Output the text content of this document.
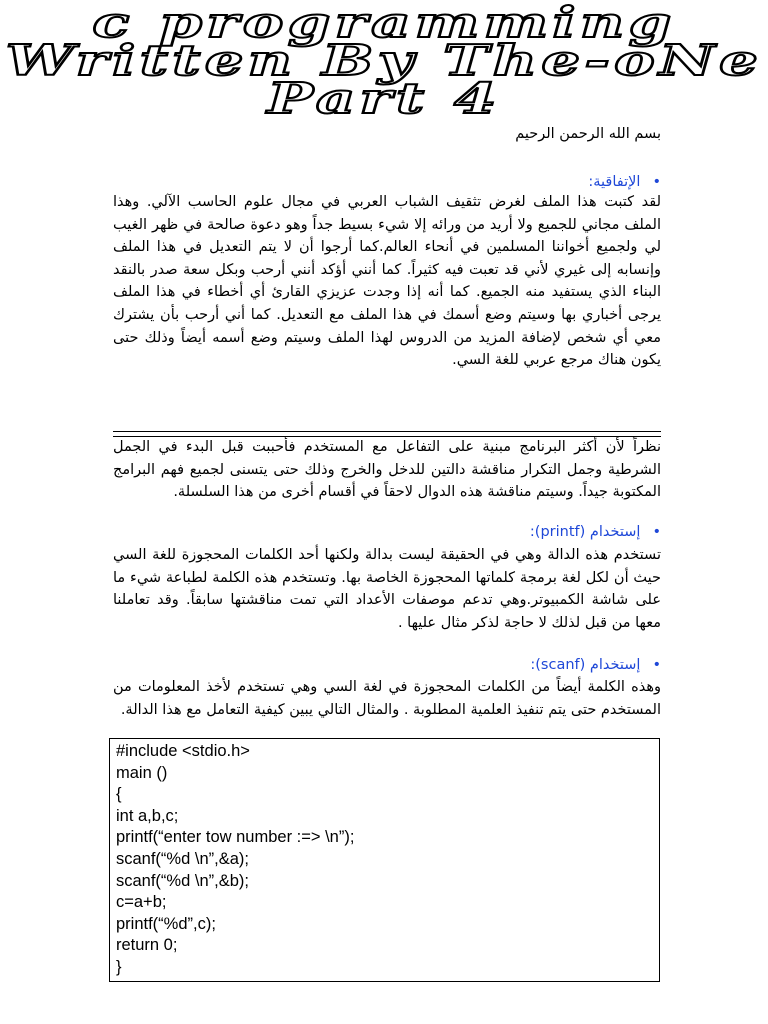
c programming
Written By The-oNe
Part 4
بسم الله الرحمن الرحيم
•الإتفاقية:
لقد كتبت هذا الملف لغرض تثقيف الشباب العربي في مجال علوم الحاسب الآلي. وهذا الملف مجاني للجميع ولا أريد من ورائه إلا شيء بسيط جداً وهو دعوة صالحة في ظهر الغيب لي ولجميع أخواننا المسلمين في أنحاء العالم.كما أرجوا أن لا يتم التعديل في هذا الملف وإنسابه إلى غيري لأني قد تعبت فيه كثيراً. كما أنني أؤكد أنني أرحب وبكل سعة صدر بالنقد البناء الذي يستفيد منه الجميع. كما أنه إذا وجدت عزيزي القارئ أي أخطاء في هذا الملف يرجى أخباري بها وسيتم وضع أسمك في هذا الملف مع التعديل. كما أني أرحب بأن يشترك معي أي شخص لإضافة المزيد من الدروس لهذا الملف وسيتم وضع أسمه أيضاً وذلك حتى يكون هناك مرجع عربي للغة السي.
نظراً لأن أكثر البرنامج مبنية على التفاعل مع المستخدم فأحببت قبل البدء في الجمل الشرطية وجمل التكرار مناقشة دالتين للدخل والخرج وذلك حتى يتسنى لجميع فهم البرامج المكتوبة جيداً. وسيتم مناقشة هذه الدوال لاحقاً في أقسام أخرى من هذا السلسلة.
•إستخدام (printf):
تستخدم هذه الدالة وهي في الحقيقة ليست بدالة ولكنها أحد الكلمات المحجوزة للغة السي حيث أن لكل لغة برمجة كلماتها المحجوزة الخاصة بها. وتستخدم هذه الكلمة لطباعة شيء ما على شاشة الكمبيوتر.وهي تدعم موصفات الأعداد التي تمت مناقشتها سابقاً. وقد تعاملنا معها من قبل لذلك لا حاجة لذكر مثال عليها .
•إستخدام (scanf):
وهذه الكلمة أيضاً من الكلمات المحجوزة في لغة السي وهي تستخدم لأخذ المعلومات من المستخدم حتى يتم تنفيذ العلمية المطلوبة . والمثال التالي يبين كيفية التعامل مع هذا الدالة.
#include <stdio.h>
main ()
{
int a,b,c;
printf(“enter tow number :=> \n”);
scanf(“%d \n”,&a);
scanf(“%d \n”,&b);
c=a+b;
printf(“%d”,c);
return 0;
}
